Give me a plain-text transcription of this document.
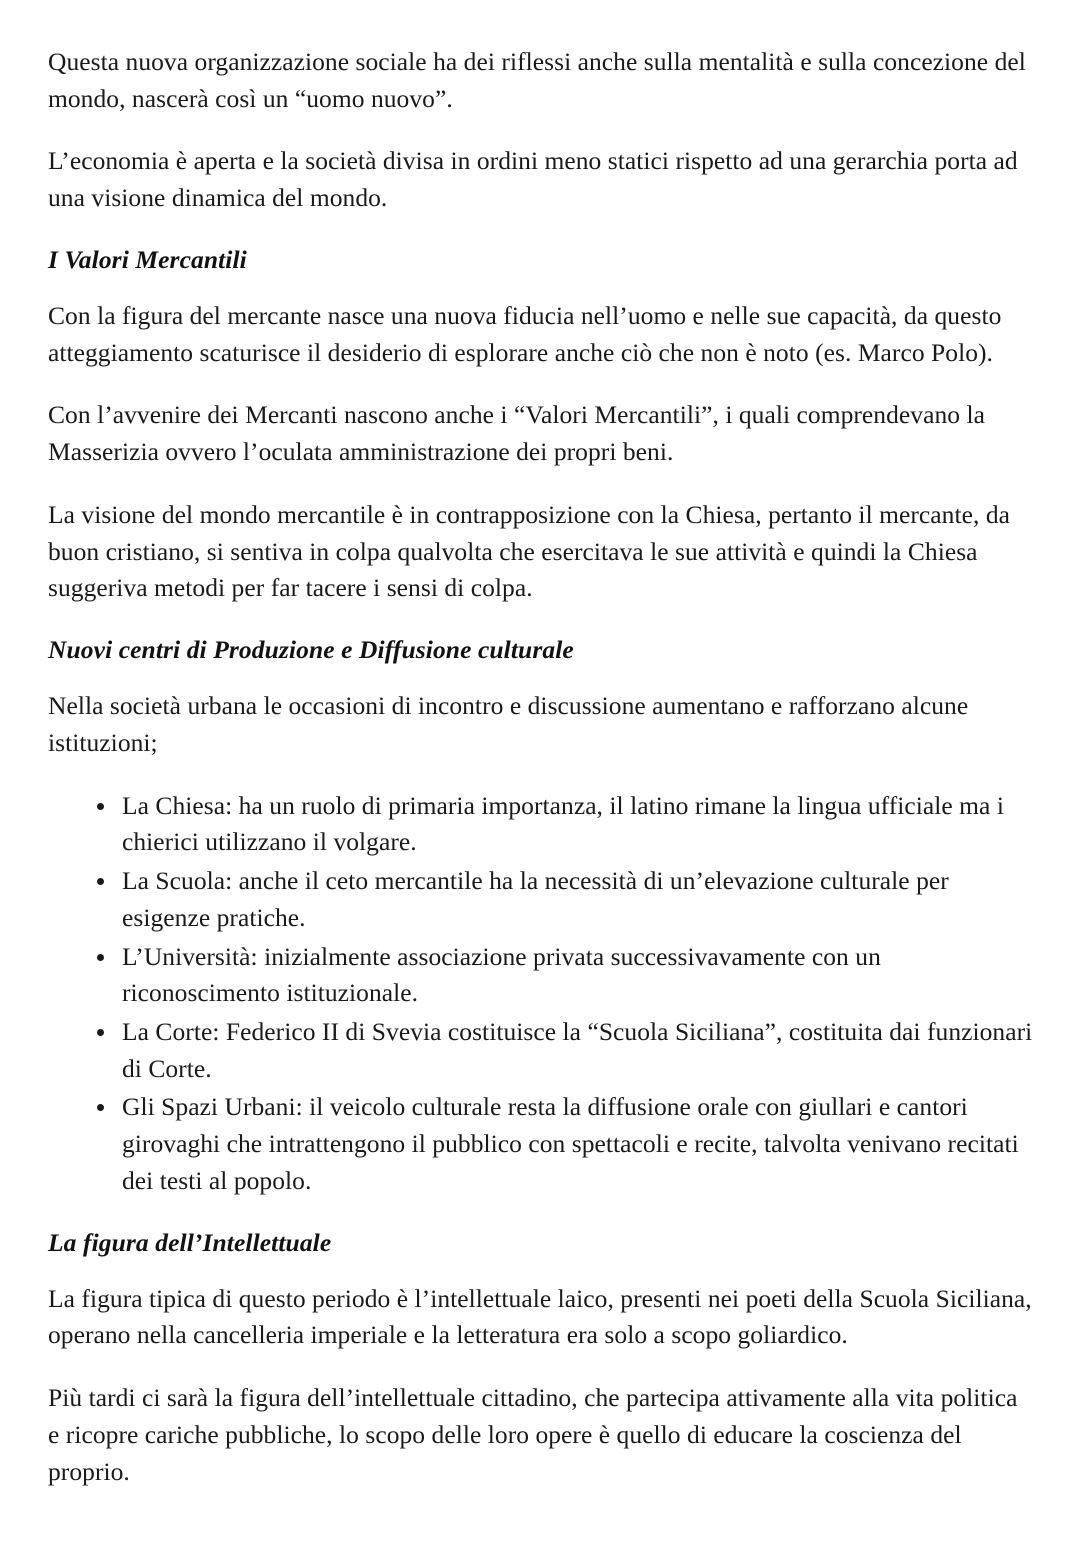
Questa nuova organizzazione sociale ha dei riflessi anche sulla mentalità e sulla concezione del mondo, nascerà così un “uomo nuovo”.

L’economia è aperta e la società divisa in ordini meno statici rispetto ad una gerarchia porta ad una visione dinamica del mondo.

I Valori Mercantili

Con la figura del mercante nasce una nuova fiducia nell’uomo e nelle sue capacità, da questo atteggiamento scaturisce il desiderio di esplorare anche ciò che non è noto (es. Marco Polo).

Con l’avvenire dei Mercanti nascono anche i “Valori Mercantili”, i quali comprendevano la Masserizia ovvero l’oculata amministrazione dei propri beni.

La visione del mondo mercantile è in contrapposizione con la Chiesa, pertanto il mercante, da buon cristiano, si sentiva in colpa qualvolta che esercitava le sue attività e quindi la Chiesa suggeriva metodi per far tacere i sensi di colpa.

Nuovi centri di Produzione e Diffusione culturale

Nella società urbana le occasioni di incontro e discussione aumentano e rafforzano alcune istituzioni;

La Chiesa: ha un ruolo di primaria importanza, il latino rimane la lingua ufficiale ma i chierici utilizzano il volgare.
La Scuola: anche il ceto mercantile ha la necessità di un’elevazione culturale per esigenze pratiche.
L’Università: inizialmente associazione privata successivavamente con un riconoscimento istituzionale.
La Corte: Federico II di Svevia costituisce la “Scuola Siciliana”, costituita dai funzionari di Corte.
Gli Spazi Urbani: il veicolo culturale resta la diffusione orale con giullari e cantori girovaghi che intrattengono il pubblico con spettacoli e recite, talvolta venivano recitati dei testi al popolo.
La figura dell’Intellettuale

La figura tipica di questo periodo è l’intellettuale laico, presenti nei poeti della Scuola Siciliana, operano nella cancelleria imperiale e la letteratura era solo a scopo goliardico.

Più tardi ci sarà la figura dell’intellettuale cittadino, che partecipa attivamente alla vita politica e ricopre cariche pubbliche, lo scopo delle loro opere è quello di educare la coscienza del proprio.
